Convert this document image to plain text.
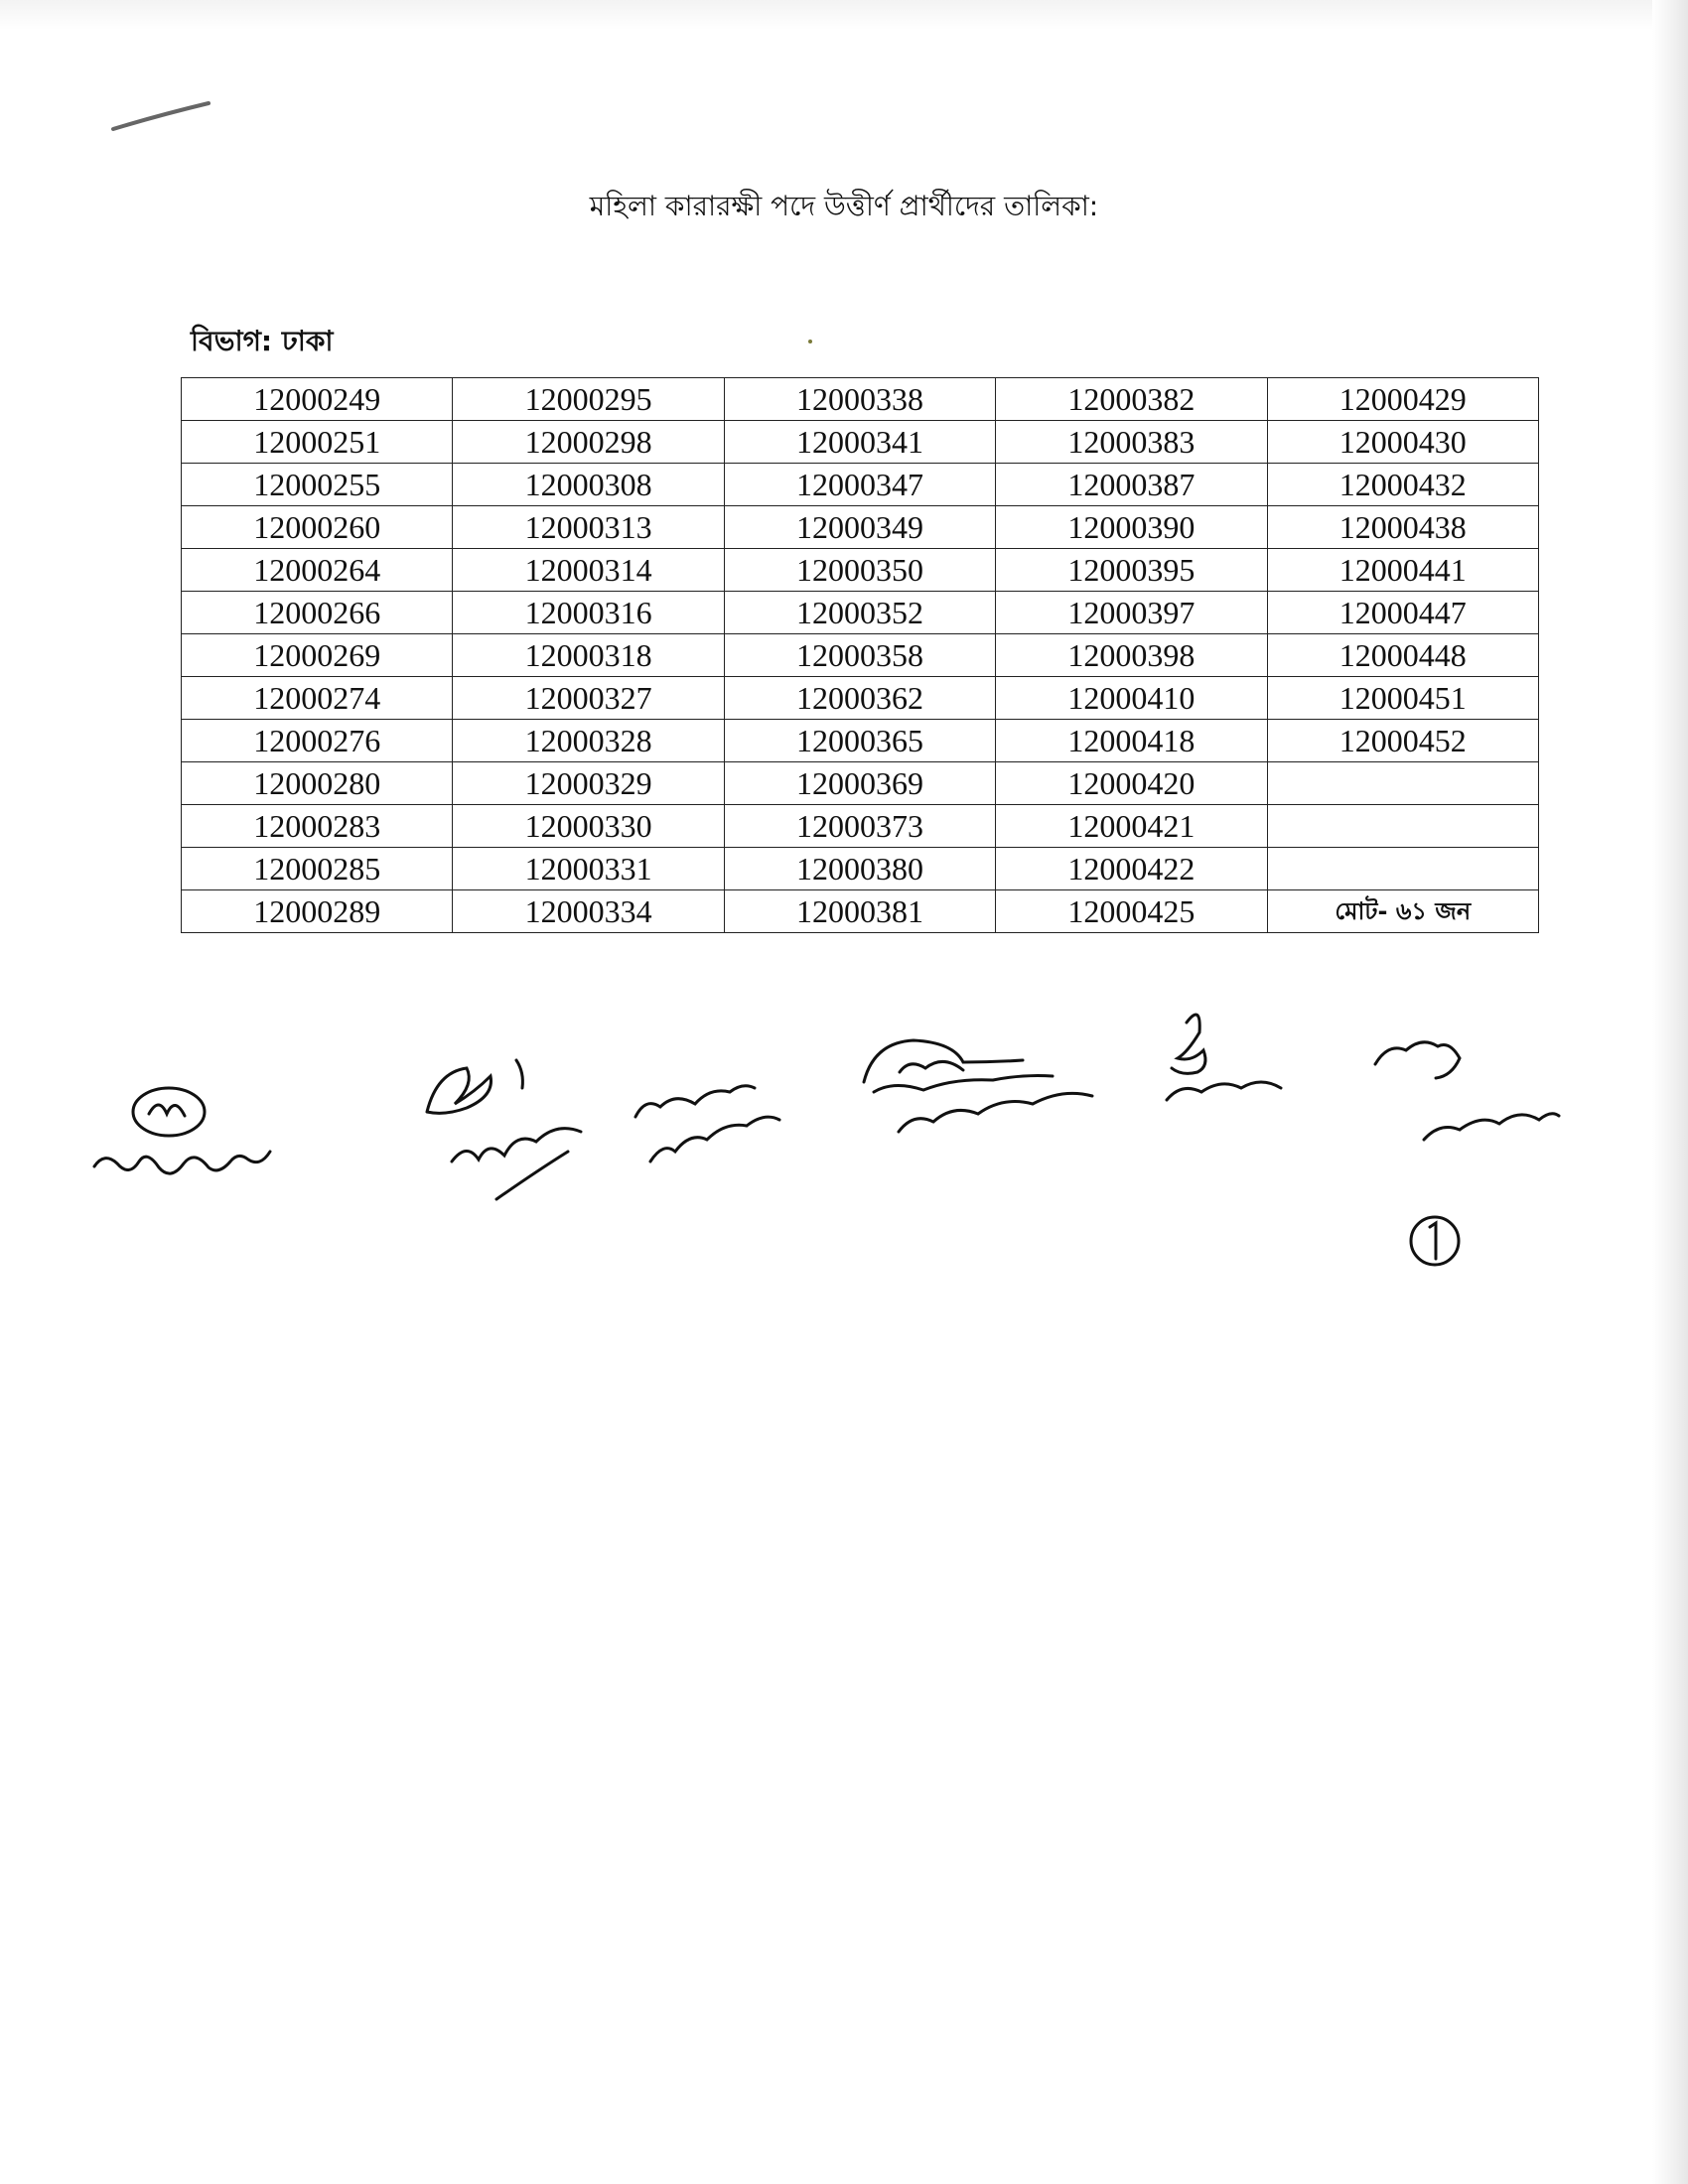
মহিলা কারারক্ষী পদে উত্তীর্ণ প্রার্থীদের তালিকা:
বিভাগ: ঢাকা
12000249	12000295	12000338	12000382	12000429
12000251	12000298	12000341	12000383	12000430
12000255	12000308	12000347	12000387	12000432
12000260	12000313	12000349	12000390	12000438
12000264	12000314	12000350	12000395	12000441
12000266	12000316	12000352	12000397	12000447
12000269	12000318	12000358	12000398	12000448
12000274	12000327	12000362	12000410	12000451
12000276	12000328	12000365	12000418	12000452
12000280	12000329	12000369	12000420	
12000283	12000330	12000373	12000421	
12000285	12000331	12000380	12000422	
12000289	12000334	12000381	12000425	মোট- ৬১ জন
